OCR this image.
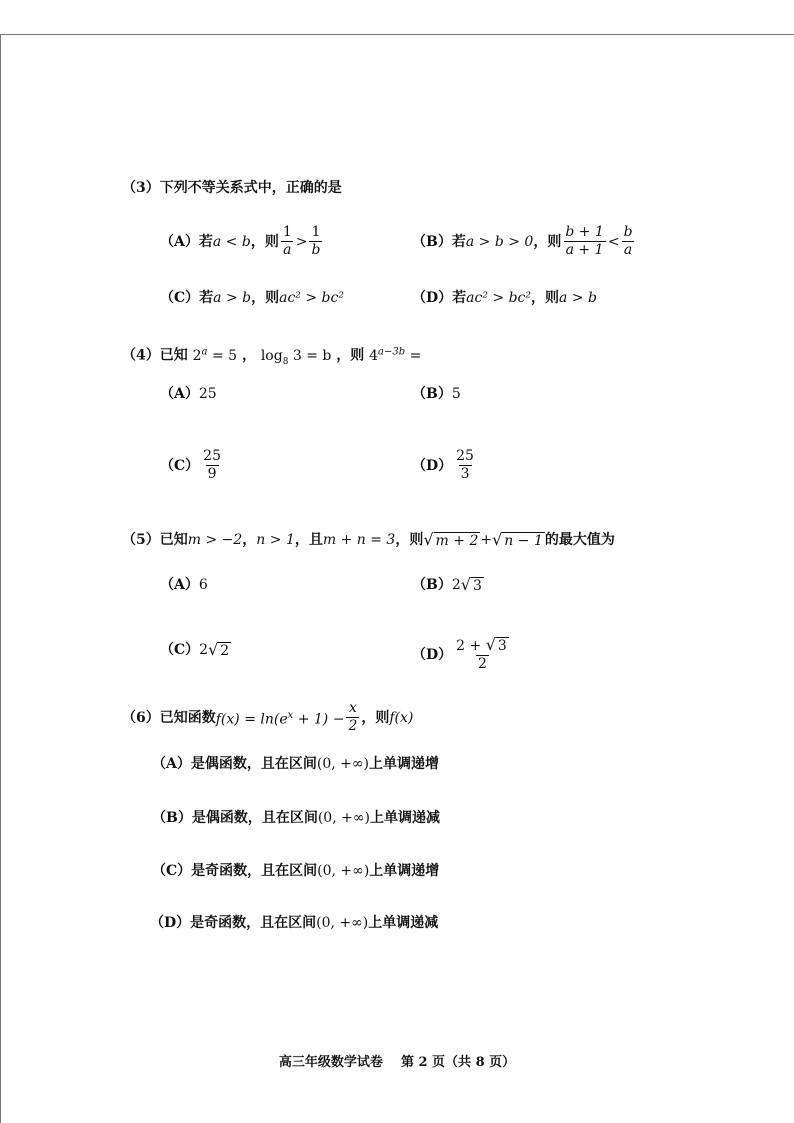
（3）下列不等关系式中，正确的是
（A） 若 a < b ，则 $\frac{1}{a} > \frac{1}{b}$	（B） 若 a > b > 0 ，则 $\frac{b + 1}{a + 1} < \frac{b}{a}$
（C） 若 a > b ，则 ac² > bc²	（D） 若 ac² > bc² ，则 a > b
（4）已知 $2^a = 5$ ， $\log_8 3 = b$ ，则 $4^{a-3b}$ =
（A） 25	（B） 5
$(C) \frac{25}{9}$	$(D) \frac{25}{3}$
（5）已知 m > −2 ， n > 1 ，且 m + n = 3 ，则 √ m + 2 + √ n − 1 的最大值为
（A） 6	（B） 2 √ 3
（C） 2 √ 2	$(D) \frac{2 + √ 3}{2}$
（6）已知函数 $f(x) = \ln(e^x + 1) - \frac{x}{2}$ ，则 f(x)
（A） 是偶函数，且在区间 (0, +∞) 上单调递增
（B） 是偶函数，且在区间 (0, +∞) 上单调递减
（C） 是奇函数，且在区间 (0, +∞) 上单调递增
（D） 是奇函数，且在区间 (0, +∞) 上单调递减
高三年级数学试卷 第 2 页（共 8 页）
